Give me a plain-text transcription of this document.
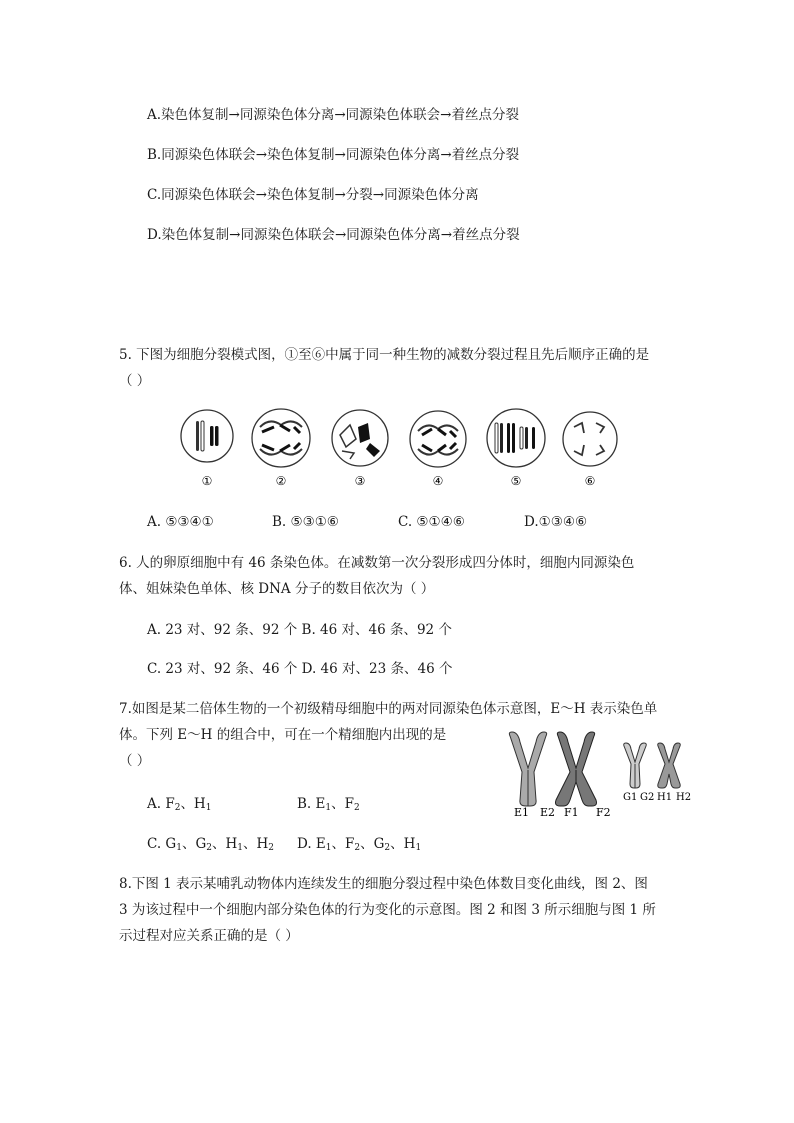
A.染色体复制→同源染色体分离→同源染色体联会→着丝点分裂
B.同源染色体联会→染色体复制→同源染色体分离→着丝点分裂
C.同源染色体联会→染色体复制→分裂→同源染色体分离
D.染色体复制→同源染色体联会→同源染色体分离→着丝点分裂
5. 下图为细胞分裂模式图，①至⑥中属于同一种生物的减数分裂过程且先后顺序正确的是
（ ）
①	②	③	④	⑤	⑥
A. ⑤③④①	B. ⑤③①⑥	C. ⑤①④⑥	D.①③④⑥
6. 人的卵原细胞中有 46 条染色体。在减数第一次分裂形成四分体时，细胞内同源染色
体、姐妹染色单体、核 DNA 分子的数目依次为（ ）
A. 23 对、92 条、92 个 B. 46 对、46 条、92 个
C. 23 对、92 条、46 个 D. 46 对、23 条、46 个
7.如图是某二倍体生物的一个初级精母细胞中的两对同源染色体示意图，E～H 表示染色单
体。下列 E～H 的组合中，可在一个精细胞内出现的是
（ ）
A. $F_2$、$H_1$	B. $E_1$、$F_2$
C. $G_1$、$G_2$、$H_1$、$H_2$ D. $E_1$、$F_2$、$G_2$、$H_1$
E1 E2 F1 F2
G1 G2 H1 H2
8.下图 1 表示某哺乳动物体内连续发生的细胞分裂过程中染色体数目变化曲线，图 2、图
3 为该过程中一个细胞内部分染色体的行为变化的示意图。图 2 和图 3 所示细胞与图 1 所
示过程对应关系正确的是（ ）
